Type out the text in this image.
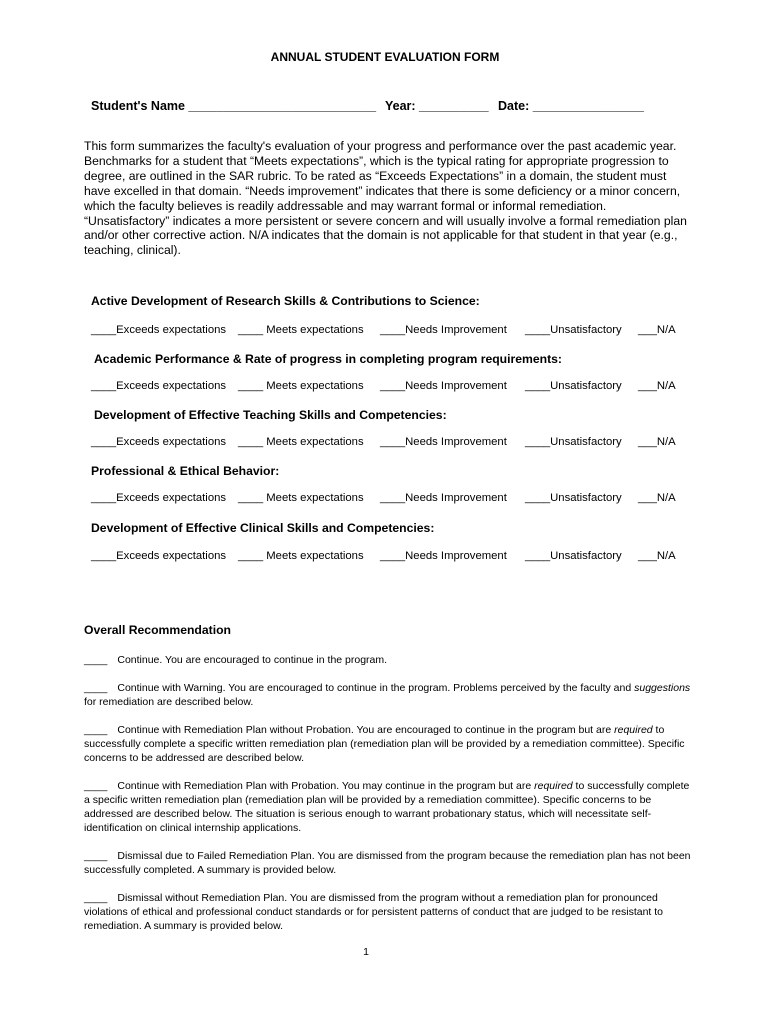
ANNUAL STUDENT EVALUATION FORM
Student's Name ___________________________ Year: __________ Date: ________________
This form summarizes the faculty's evaluation of your progress and performance over the past academic year. Benchmarks for a student that “Meets expectations”, which is the typical rating for appropriate progression to degree, are outlined in the SAR rubric. To be rated as “Exceeds Expectations” in a domain, the student must have excelled in that domain. “Needs improvement” indicates that there is some deficiency or a minor concern, which the faculty believes is readily addressable and may warrant formal or informal remediation. “Unsatisfactory” indicates a more persistent or severe concern and will usually involve a formal remediation plan and/or other corrective action. N/A indicates that the domain is not applicable for that student in that year (e.g., teaching, clinical).
Active Development of Research Skills & Contributions to Science:
____Exceeds expectations ____ Meets expectations ____Needs Improvement ____Unsatisfactory ___N/A
Academic Performance & Rate of progress in completing program requirements:
____Exceeds expectations ____ Meets expectations ____Needs Improvement ____Unsatisfactory ___N/A
Development of Effective Teaching Skills and Competencies:
____Exceeds expectations ____ Meets expectations ____Needs Improvement ____Unsatisfactory ___N/A
Professional & Ethical Behavior:
____Exceeds expectations ____ Meets expectations ____Needs Improvement ____Unsatisfactory ___N/A
Development of Effective Clinical Skills and Competencies:
____Exceeds expectations ____ Meets expectations ____Needs Improvement ____Unsatisfactory ___N/A
Overall Recommendation
____ Continue. You are encouraged to continue in the program.
____ Continue with Warning. You are encouraged to continue in the program. Problems perceived by the faculty and suggestions for remediation are described below.
____ Continue with Remediation Plan without Probation. You are encouraged to continue in the program but are required to successfully complete a specific written remediation plan (remediation plan will be provided by a remediation committee). Specific concerns to be addressed are described below.
____ Continue with Remediation Plan with Probation. You may continue in the program but are required to successfully complete a specific written remediation plan (remediation plan will be provided by a remediation committee). Specific concerns to be addressed are described below. The situation is serious enough to warrant probationary status, which will necessitate self-identification on clinical internship applications.
____ Dismissal due to Failed Remediation Plan. You are dismissed from the program because the remediation plan has not been successfully completed. A summary is provided below.
____ Dismissal without Remediation Plan. You are dismissed from the program without a remediation plan for pronounced violations of ethical and professional conduct standards or for persistent patterns of conduct that are judged to be resistant to remediation. A summary is provided below.
1
